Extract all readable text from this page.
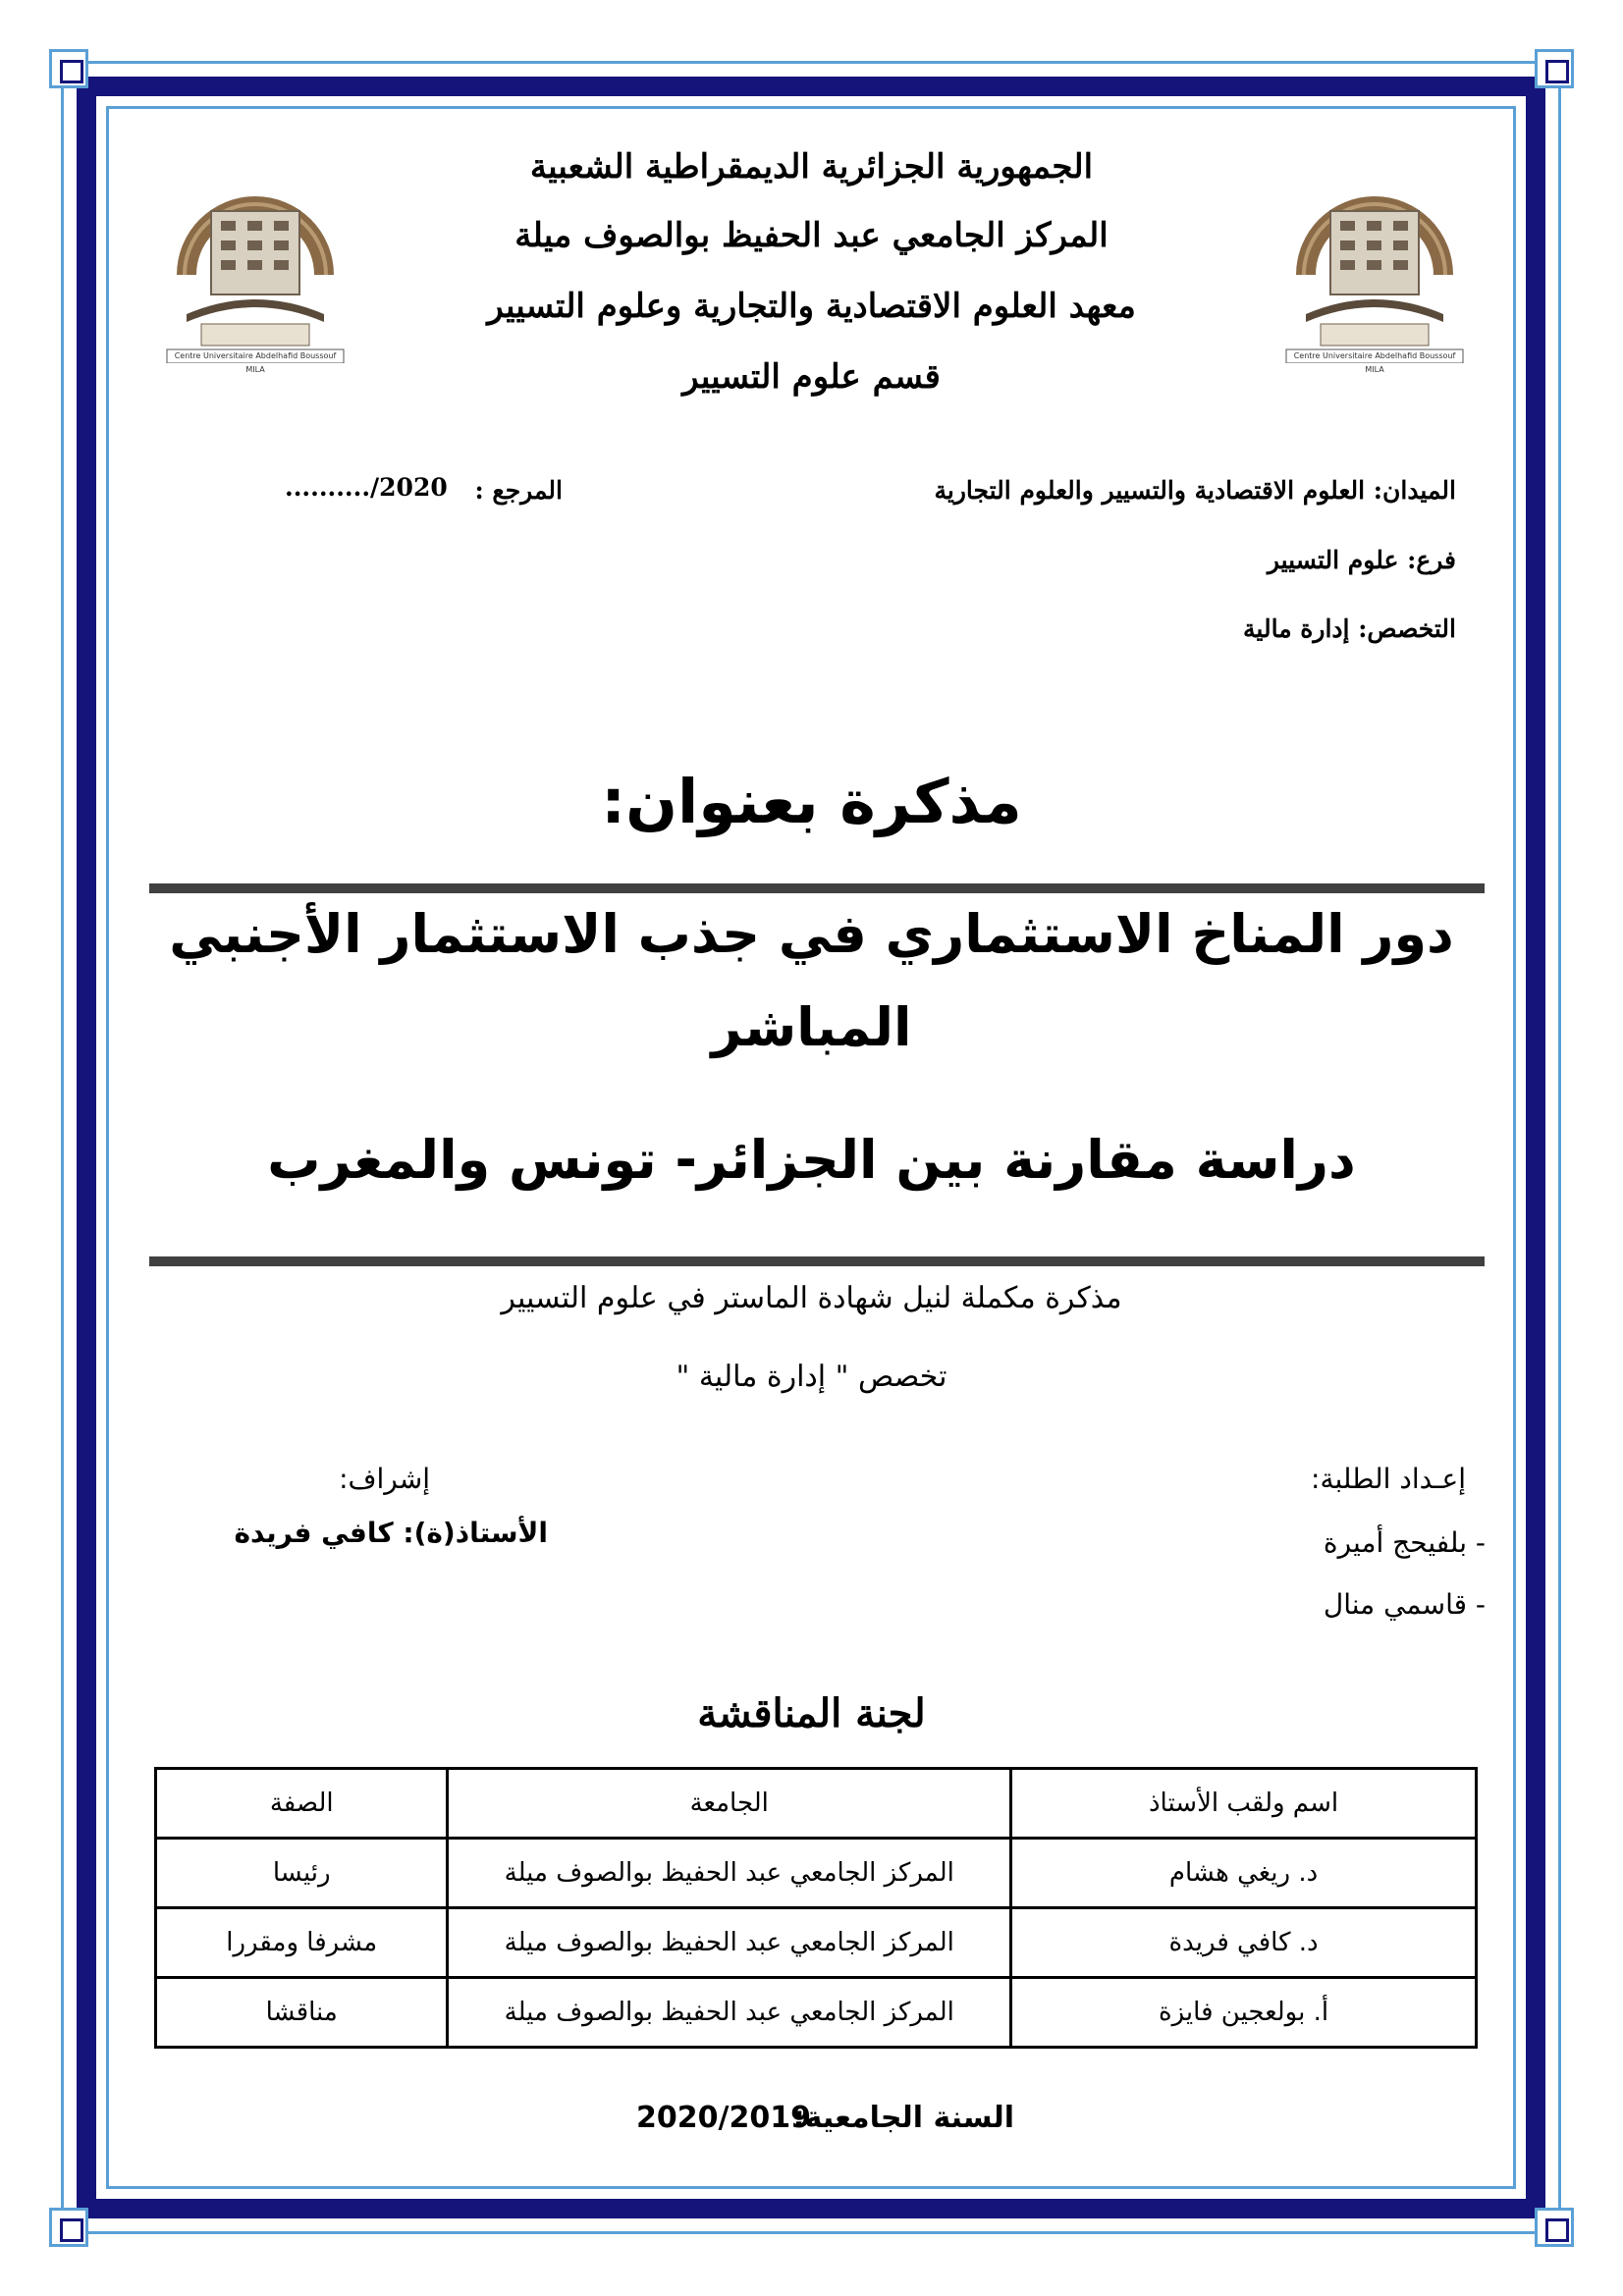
Centre Universitaire Abdelhafid Boussouf MILA
Centre Universitaire Abdelhafid Boussouf MILA
الجمهورية الجزائرية الديمقراطية الشعبية
المركز الجامعي عبد الحفيظ بوالصوف ميلة
معهد العلوم الاقتصادية والتجارية وعلوم التسيير
قسم علوم التسيير
الميدان: العلوم الاقتصادية والتسيير والعلوم التجارية
فرع: علوم التسيير
التخصص: إدارة مالية
المرجع :
........../2020
مذكرة بعنوان:
دور المناخ الاستثماري في جذب الاستثمار الأجنبي
المباشر
دراسة مقارنة بين الجزائر- تونس والمغرب
مذكرة مكملة لنيل شهادة الماستر في علوم التسيير
تخصص " إدارة مالية "
إعـداد الطلبة:
- بلفيحج أميرة
- قاسمي منال
إشراف:
الأستاذ(ة): كافي فريدة
لجنة المناقشة
اسم ولقب الأستاذ	الجامعة	الصفة
د. ريغي هشام	المركز الجامعي عبد الحفيظ بوالصوف ميلة	رئيسا
د. كافي فريدة	المركز الجامعي عبد الحفيظ بوالصوف ميلة	مشرفا ومقررا
أ. بولعجين فايزة	المركز الجامعي عبد الحفيظ بوالصوف ميلة	مناقشا
السنة الجامعية:
2020/2019
